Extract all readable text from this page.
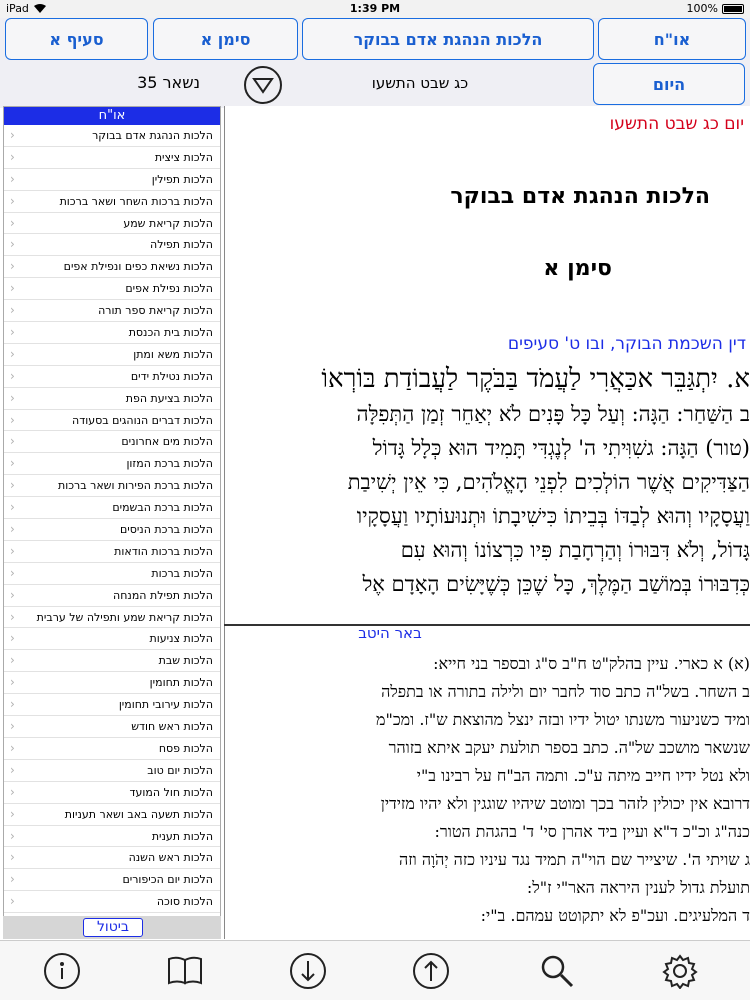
iPad	1:39 PM	100%
סעיף א	סימן א	הלכות הנהגת אדם בבוקר	או"ח
היום
נשאר 35	כג שבט התשעו
או"ח
הלכות הנהגת אדם בבוקר
›
הלכות ציצית
›
הלכות תפילין
›
הלכות ברכות השחר ושאר ברכות
›
הלכות קריאת שמע
›
הלכות תפילה
›
הלכות נשיאת כפים ונפילת אפים
›
הלכות נפילת אפים
›
הלכות קריאת ספר תורה
›
הלכות בית הכנסת
›
הלכות משא ומתן
›
הלכות נטילת ידים
›
הלכות בציעת הפת
›
הלכות דברים הנוהגים בסעודה
›
הלכות מים אחרונים
›
הלכות ברכת המזון
›
הלכות ברכת הפירות ושאר ברכות
›
הלכות ברכת הבשמים
›
הלכות ברכת הניסים
›
הלכות ברכות הודאות
›
הלכות ברכות
›
הלכות תפילת המנחה
›
הלכות קריאת שמע ותפילה של ערבית
›
הלכות צניעות
›
הלכות שבת
›
הלכות תחומין
›
הלכות עירובי תחומין
›
הלכות ראש חודש
›
הלכות פסח
›
הלכות יום טוב
›
הלכות חול המועד
›
הלכות תשעה באב ושאר תעניות
›
הלכות תענית
›
הלכות ראש השנה
›
הלכות יום הכיפורים
›
הלכות סוכה
›
ביטול
יום כג שבט התשעו
הלכות הנהגת אדם בבוקר
סימן א
דין השכמת הבוקר, ובו ט' סעיפים
א. יִתְגַּבֵּר אכַּאֲרִי לַעֲמֹד בַּבֹּקֶר לַעֲבוֹדַת בּוֹרְאוֹ
ב הַשַּׁחַר: הַגָּה: וְעַל כָּל פָּנִים לֹא יְאַחֵר זְמַן הַתְּפִלָּה
(טור) הַגָּה: גשִׁוִּיתִי ה' לְנֶגְדִּי תָּמִיד הוּא כְּלָל גָּדוֹל
הַצַּדִּיקִים אֲשֶׁר הוֹלְכִים לִפְנֵי הָאֱלֹהִים, כִּי אֵין יְשִׁיבַת
וַעֲסָקָיו וְהוּא לְבַדּוֹ בְּבֵיתוֹ כִּישִׁיבָתוֹ וּתְנוּעוֹתָיו וַעֲסָקָיו
גָּדוֹל, וְלֹא דִּבּוּרוֹ וְהַרְחָבַת פִּיו כִּרְצוֹנוֹ וְהוּא עִם
כְּדִבּוּרוֹ בְּמוֹשַׁב הַמֶּלֶךְ, כָּל שֶׁכֵּן כְּשֶׁיָּשִׂים הָאָדָם אֶל
באר היטב
(א) א כארי. עיין בהלק"ט ח"ב ס"ג ובספר בני חייא:
ב השחר. בשל"ה כתב סוד לחבר יום ולילה בתורה או בתפלה
ומיד כשניעור משנתו יטול ידיו ובזה ינצל מהוצאת ש"ז. ומכ"מ
שנשאר מושכב של"ה. כתב בספר תולעת יעקב איתא בזוהר
ולא נטל ידיו חייב מיתה ע"כ. ותמה הב"ח על רבינו ב"י
דרובא אין יכולין לזהר בכך ומוטב שיהיו שוגגין ולא יהיו מזידין
כנה"ג וכ"כ ד"א ועיין ביד אהרן סי' ד' בהגהת הטור:
ג שויתי ה'. שיצייר שם הוי"ה תמיד נגד עיניו כזה יְהֹוָה וזה
תועלת גדול לענין היראה האר"י ז"ל:
ד המלעיגים. ועכ"פ לא יתקוטט עמהם. ב"י:
